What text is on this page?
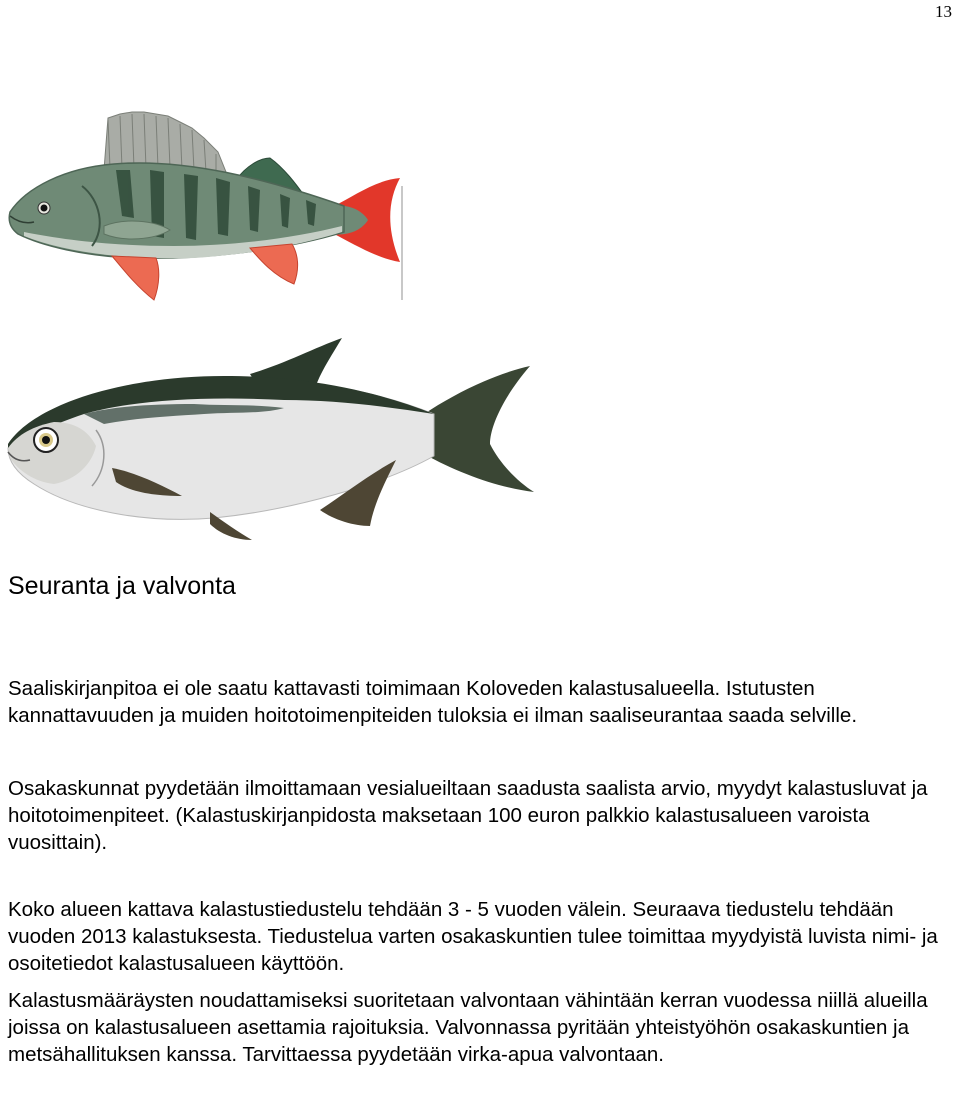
13
Seuranta ja valvonta

Saaliskirjanpitoa ei ole saatu kattavasti toimimaan Koloveden kalastusalueella. Istutusten kannattavuuden ja muiden hoitotoimenpiteiden tuloksia ei ilman saaliseurantaa saada selville.

Osakaskunnat pyydetään ilmoittamaan vesialueiltaan saadusta saalista arvio, myydyt kalastusluvat ja hoitotoimenpiteet. (Kalastuskirjanpidosta maksetaan 100 euron palkkio kalastusalueen varoista vuosittain).

Koko alueen kattava kalastustiedustelu tehdään 3 - 5 vuoden välein. Seuraava tiedustelu tehdään vuoden 2013 kalastuksesta. Tiedustelua varten osakaskuntien tulee toimittaa myydyistä luvista nimi- ja osoitetiedot kalastusalueen käyttöön.

Kalastusmääräysten noudattamiseksi suoritetaan valvontaan vähintään kerran vuodessa niillä alueilla joissa on kalastusalueen asettamia rajoituksia. Valvonnassa pyritään yhteistyöhön osakaskuntien ja metsähallituksen kanssa. Tarvittaessa pyydetään virka-apua valvontaan.
